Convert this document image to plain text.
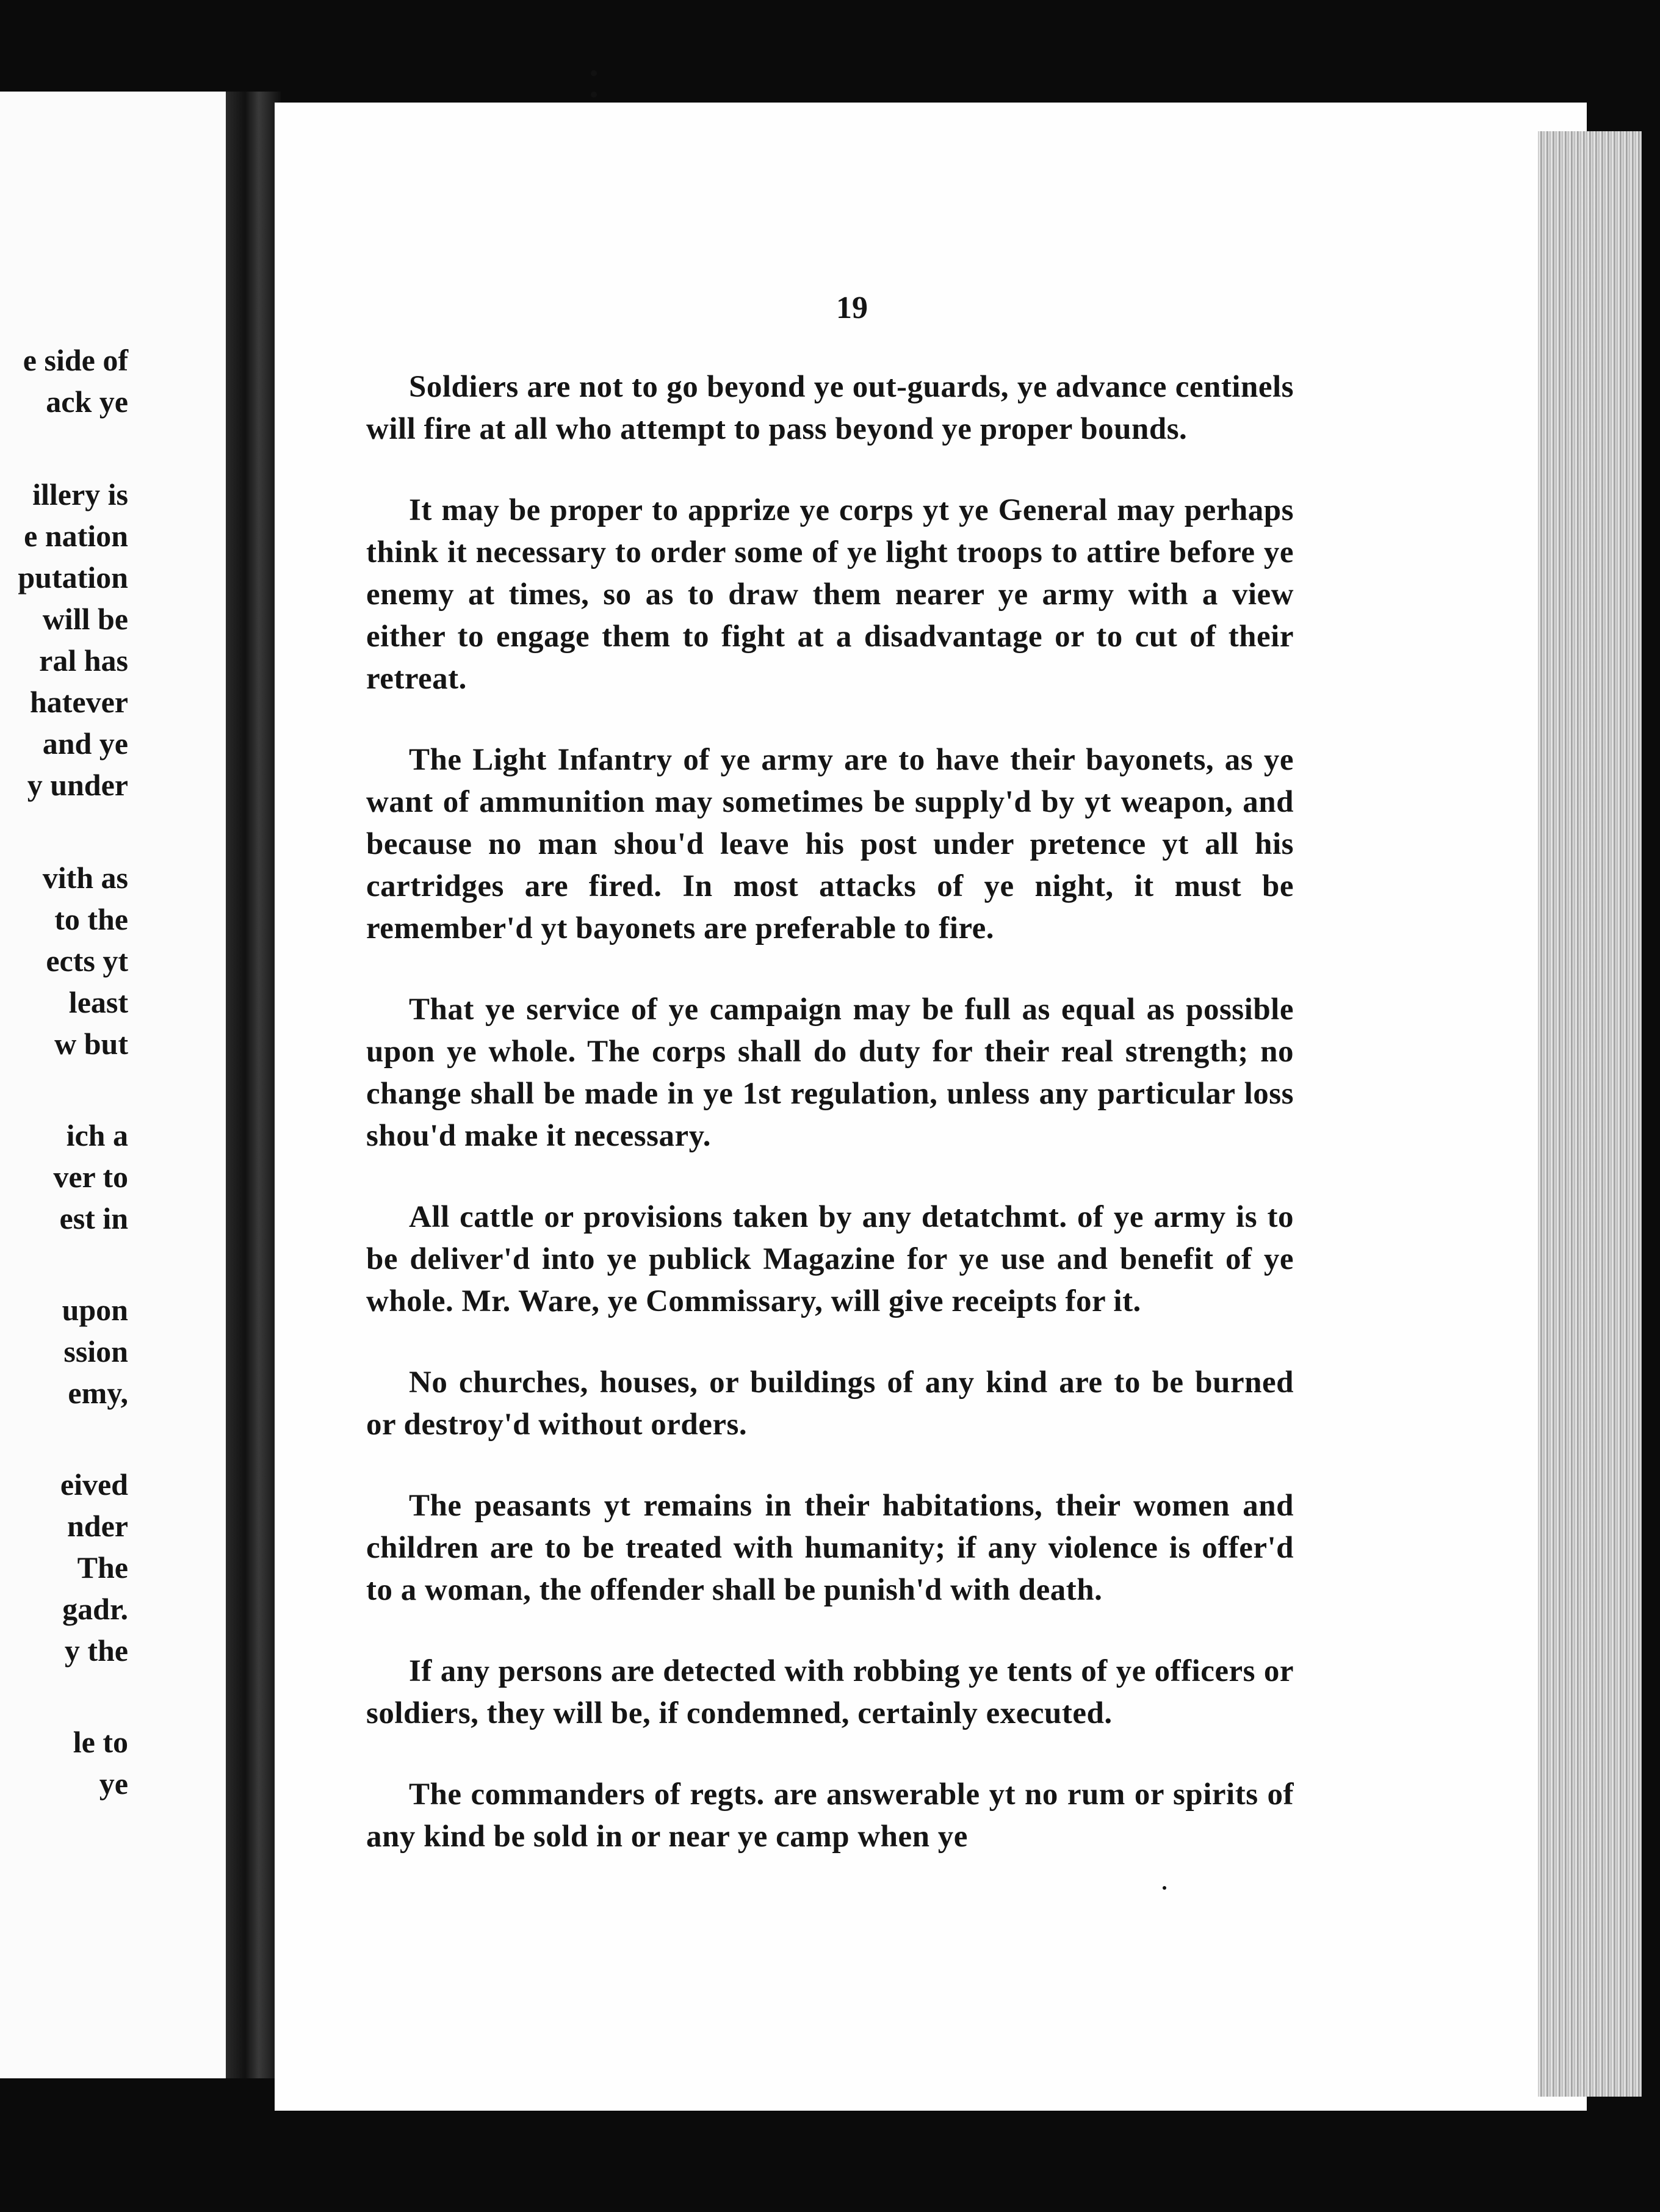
e side of
ack ye
illery is
e nation
putation
will be
ral has
hatever
and ye
y under
vith as
to the
ects yt
least
w but
ich a
ver to
est in
upon
ssion
emy,
eived
nder
The
gadr.
y the
le to
ye
19

Soldiers are not to go beyond ye out-guards, ye advance centinels will fire at all who attempt to pass beyond ye proper bounds.

It may be proper to apprize ye corps yt ye General may perhaps think it necessary to order some of ye light troops to attire before ye enemy at times, so as to draw them nearer ye army with a view either to engage them to fight at a disadvantage or to cut of their retreat.

The Light Infantry of ye army are to have their bayonets, as ye want of ammunition may sometimes be supply'd by yt weapon, and because no man shou'd leave his post under pretence yt all his cartridges are fired. In most attacks of ye night, it must be remember'd yt bayonets are preferable to fire.

That ye service of ye campaign may be full as equal as possible upon ye whole. The corps shall do duty for their real strength; no change shall be made in ye 1st regulation, unless any particular loss shou'd make it necessary.

All cattle or provisions taken by any detatchmt. of ye army is to be deliver'd into ye publick Magazine for ye use and benefit of ye whole. Mr. Ware, ye Commissary, will give receipts for it.

No churches, houses, or buildings of any kind are to be burned or destroy'd without orders.

The peasants yt remains in their habitations, their women and children are to be treated with humanity; if any violence is offer'd to a woman, the offender shall be punish'd with death.

If any persons are detected with robbing ye tents of ye officers or soldiers, they will be, if condemned, certainly executed.

The commanders of regts. are answerable yt no rum or spirits of any kind be sold in or near ye camp when ye
